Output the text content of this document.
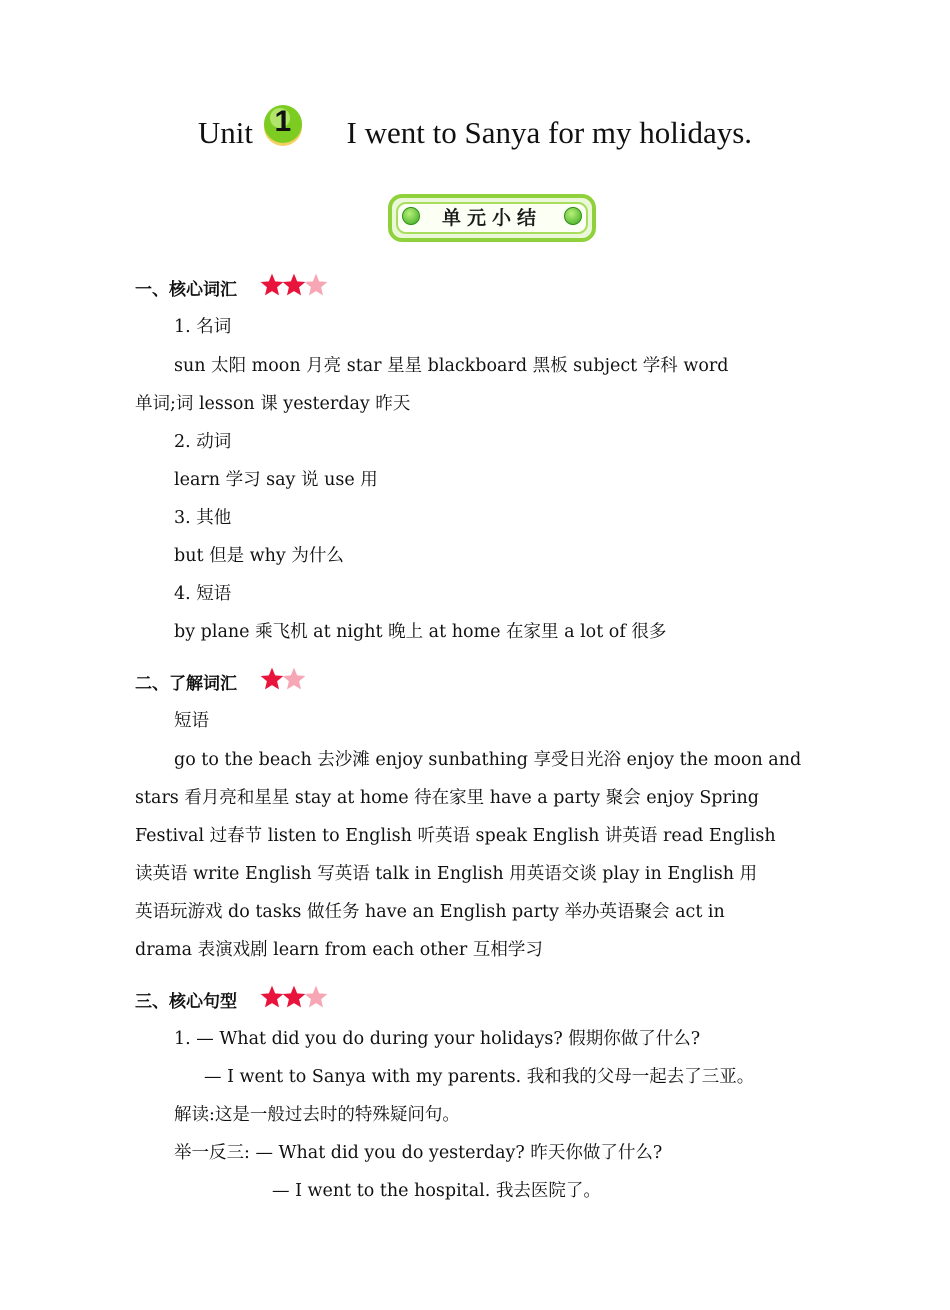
Unit 1	I went to Sanya for my holidays.
单元小结
一、核心词汇
1. 名词
sun 太阳 moon 月亮 star 星星 blackboard 黑板 subject 学科 word
单词;词 lesson 课 yesterday 昨天
2. 动词
learn 学习 say 说 use 用
3. 其他
but 但是 why 为什么
4. 短语
by plane 乘飞机 at night 晚上 at home 在家里 a lot of 很多
二、了解词汇
短语
go to the beach 去沙滩 enjoy sunbathing 享受日光浴 enjoy the moon and
stars 看月亮和星星 stay at home 待在家里 have a party 聚会 enjoy Spring
Festival 过春节 listen to English 听英语 speak English 讲英语 read English
读英语 write English 写英语 talk in English 用英语交谈 play in English 用
英语玩游戏 do tasks 做任务 have an English party 举办英语聚会 act in
drama 表演戏剧 learn from each other 互相学习
三、核心句型
1. — What did you do during your holidays? 假期你做了什么?
— I went to Sanya with my parents. 我和我的父母一起去了三亚。
解读:这是一般过去时的特殊疑问句。
举一反三: — What did you do yesterday? 昨天你做了什么?
— I went to the hospital. 我去医院了。
